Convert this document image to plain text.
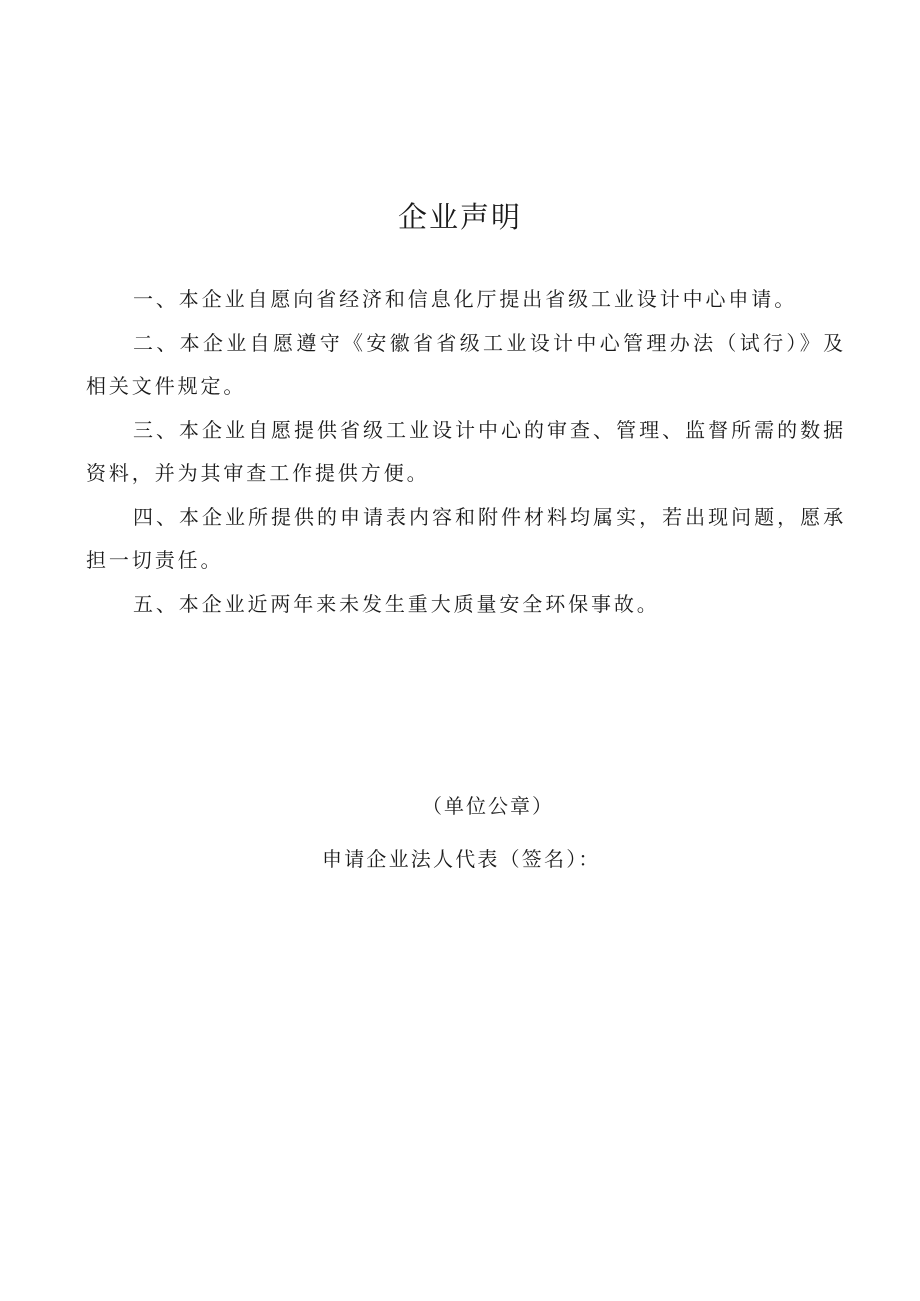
企业声明

一、本企业自愿向省经济和信息化厅提出省级工业设计中心申请。

二、本企业自愿遵守《安徽省省级工业设计中心管理办法（试行）》及相关文件规定。

三、本企业自愿提供省级工业设计中心的审查、管理、监督所需的数据资料，并为其审查工作提供方便。

四、本企业所提供的申请表内容和附件材料均属实，若出现问题，愿承担一切责任。

五、本企业近两年来未发生重大质量安全环保事故。

（单位公章）

申请企业法人代表（签名）：
